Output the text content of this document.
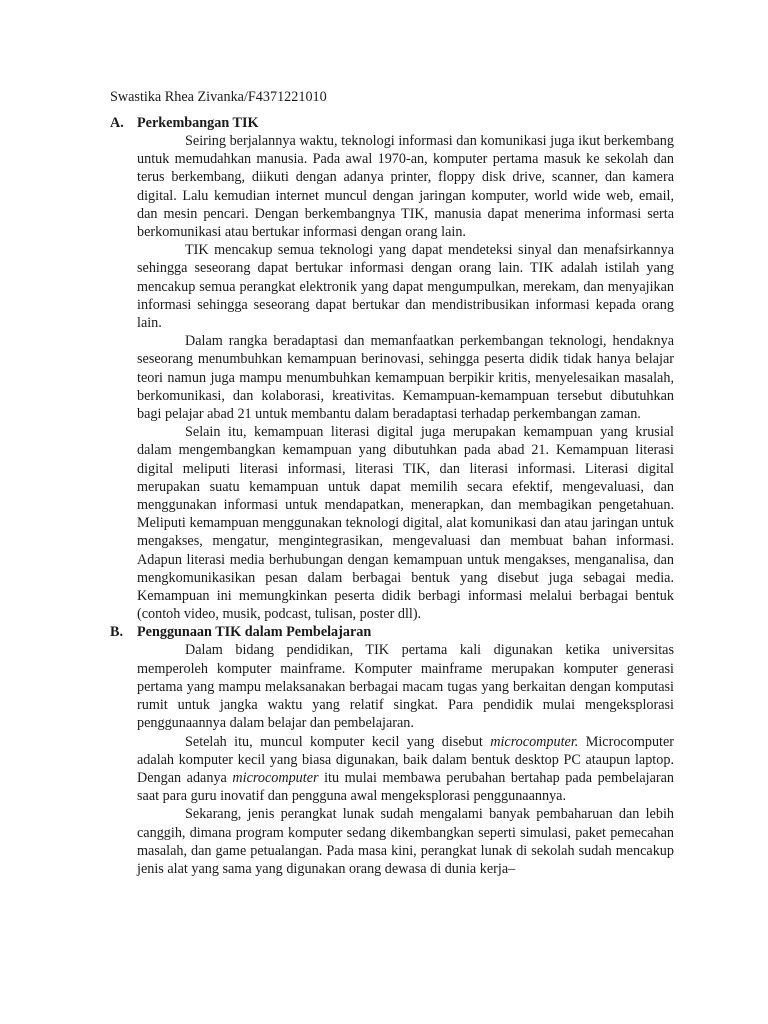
Swastika Rhea Zivanka/F4371221010

A. Perkembangan TIK

Seiring berjalannya waktu, teknologi informasi dan komunikasi juga ikut berkembang untuk memudahkan manusia. Pada awal 1970-an, komputer pertama masuk ke sekolah dan terus berkembang, diikuti dengan adanya printer, floppy disk drive, scanner, dan kamera digital. Lalu kemudian internet muncul dengan jaringan komputer, world wide web, email, dan mesin pencari. Dengan berkembangnya TIK, manusia dapat menerima informasi serta berkomunikasi atau bertukar informasi dengan orang lain.

TIK mencakup semua teknologi yang dapat mendeteksi sinyal dan menafsirkannya sehingga seseorang dapat bertukar informasi dengan orang lain. TIK adalah istilah yang mencakup semua perangkat elektronik yang dapat mengumpulkan, merekam, dan menyajikan informasi sehingga seseorang dapat bertukar dan mendistribusikan informasi kepada orang lain.

Dalam rangka beradaptasi dan memanfaatkan perkembangan teknologi, hendaknya seseorang menumbuhkan kemampuan berinovasi, sehingga peserta didik tidak hanya belajar teori namun juga mampu menumbuhkan kemampuan berpikir kritis, menyelesaikan masalah, berkomunikasi, dan kolaborasi, kreativitas. Kemampuan-kemampuan tersebut dibutuhkan bagi pelajar abad 21 untuk membantu dalam beradaptasi terhadap perkembangan zaman.

Selain itu, kemampuan literasi digital juga merupakan kemampuan yang krusial dalam mengembangkan kemampuan yang dibutuhkan pada abad 21. Kemampuan literasi digital meliputi literasi informasi, literasi TIK, dan literasi informasi. Literasi digital merupakan suatu kemampuan untuk dapat memilih secara efektif, mengevaluasi, dan menggunakan informasi untuk mendapatkan, menerapkan, dan membagikan pengetahuan. Meliputi kemampuan menggunakan teknologi digital, alat komunikasi dan atau jaringan untuk mengakses, mengatur, mengintegrasikan, mengevaluasi dan membuat bahan informasi. Adapun literasi media berhubungan dengan kemampuan untuk mengakses, menganalisa, dan mengkomunikasikan pesan dalam berbagai bentuk yang disebut juga sebagai media. Kemampuan ini memungkinkan peserta didik berbagi informasi melalui berbagai bentuk (contoh video, musik, podcast, tulisan, poster dll).

B. Penggunaan TIK dalam Pembelajaran

Dalam bidang pendidikan, TIK pertama kali digunakan ketika universitas memperoleh komputer mainframe. Komputer mainframe merupakan komputer generasi pertama yang mampu melaksanakan berbagai macam tugas yang berkaitan dengan komputasi rumit untuk jangka waktu yang relatif singkat. Para pendidik mulai mengeksplorasi penggunaannya dalam belajar dan pembelajaran.

Setelah itu, muncul komputer kecil yang disebut microcomputer. Microcomputer adalah komputer kecil yang biasa digunakan, baik dalam bentuk desktop PC ataupun laptop. Dengan adanya microcomputer itu mulai membawa perubahan bertahap pada pembelajaran saat para guru inovatif dan pengguna awal mengeksplorasi penggunaannya.

Sekarang, jenis perangkat lunak sudah mengalami banyak pembaharuan dan lebih canggih, dimana program komputer sedang dikembangkan seperti simulasi, paket pemecahan masalah, dan game petualangan. Pada masa kini, perangkat lunak di sekolah sudah mencakup jenis alat yang sama yang digunakan orang dewasa di dunia kerja–
